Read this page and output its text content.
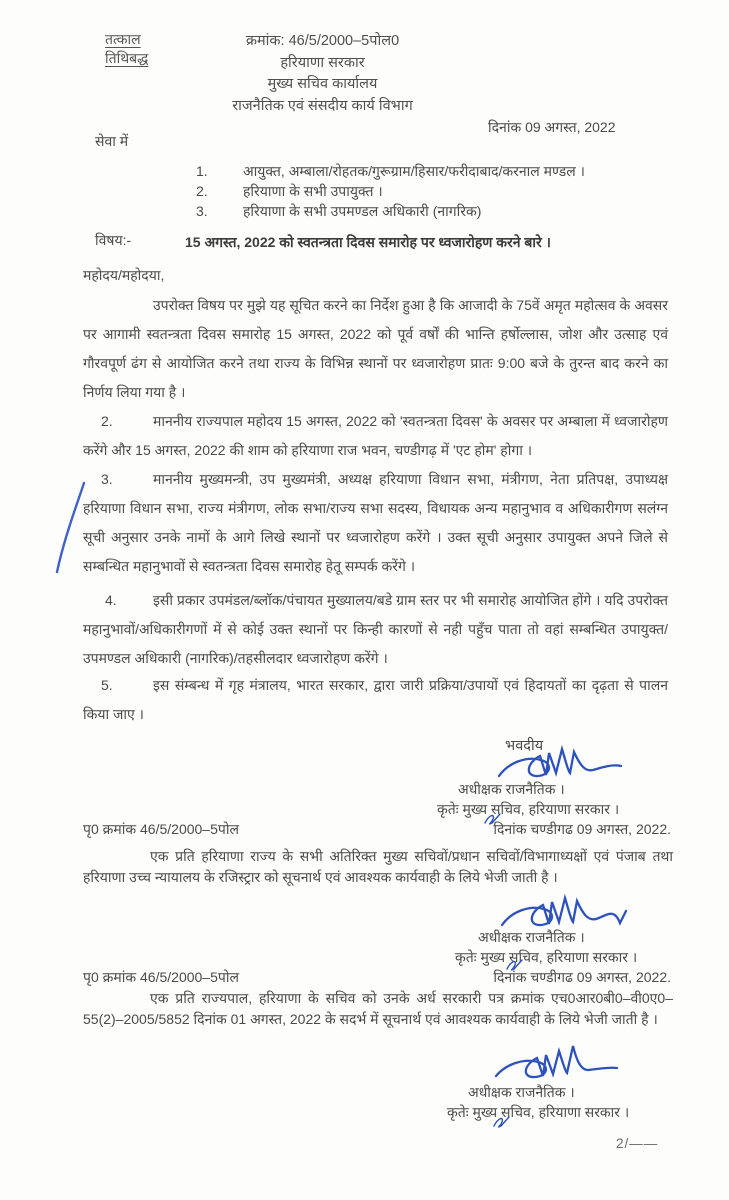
तत्काल
तिथिबद्ध
क्रमांक: 46/5/2000–5पोल0
हरियाणा सरकार
मुख्य सचिव कार्यालय
राजनैतिक एवं संसदीय कार्य विभाग
दिनांक 09 अगस्त, 2022
सेवा में
1.	आयुक्त, अम्बाला/रोहतक/गुरूग्राम/हिसार/फरीदाबाद/करनाल मण्डल ।
2.	हरियाणा के सभी उपायुक्त ।
3.	हरियाणा के सभी उपमण्डल अधिकारी (नागरिक)
विषय:-	15 अगस्त, 2022 को स्वतन्त्रता दिवस समारोह पर ध्वजारोहण करने बारे ।
महोदय/महोदया,
उपरोक्त विषय पर मुझे यह सूचित करने का निर्देश हुआ है कि आजादी के 75वें अमृत महोत्सव के अवसर पर आगामी स्वतन्त्रता दिवस समारोह 15 अगस्त, 2022 को पूर्व वर्षों की भान्ति हर्षोल्लास, जोश और उत्साह एवं गौरवपूर्ण ढंग से आयोजित करने तथा राज्य के विभिन्न स्थानों पर ध्वजारोहण प्रातः 9:00 बजे के तुरन्त बाद करने का निर्णय लिया गया है ।
2.	माननीय राज्यपाल महोदय 15 अगस्त, 2022 को 'स्वतन्त्रता दिवस' के अवसर पर अम्बाला में ध्वजारोहण करेंगे और 15 अगस्त, 2022 की शाम को हरियाणा राज भवन, चण्डीगढ़ में 'एट होम' होगा ।
3.	माननीय मुख्यमन्त्री, उप मुख्यमंत्री, अध्यक्ष हरियाणा विधान सभा, मंत्रीगण, नेता प्रतिपक्ष, उपाध्यक्ष हरियाणा विधान सभा, राज्य मंत्रीगण, लोक सभा/राज्य सभा सदस्य, विधायक अन्य महानुभाव व अधिकारीगण सलंग्न सूची अनुसार उनके नामों के आगे लिखे स्थानों पर ध्वजारोहण करेंगे । उक्त सूची अनुसार उपायुक्त अपने जिले से सम्बन्धित महानुभावों से स्वतन्त्रता दिवस समारोह हेतू सम्पर्क करेंगे ।
4.	इसी प्रकार उपमंडल/ब्लॉक/पंचायत मुख्यालय/बडे ग्राम स्तर पर भी समारोह आयोजित होंगे । यदि उपरोक्त महानुभावों/अधिकारीगणों में से कोई उक्त स्थानों पर किन्ही कारणों से नही पहुँच पाता तो वहां सम्बन्धित उपायुक्त/उपमण्डल अधिकारी (नागरिक)/तहसीलदार ध्वजारोहण करेंगे ।
5.	इस संम्बन्ध में गृह मंत्रालय, भारत सरकार, द्वारा जारी प्रक्रिया/उपायों एवं हिदायतों का दृढ़ता से पालन किया जाए ।
भवदीय
अधीक्षक राजनैतिक ।
कृतेः मुख्य सचिव, हरियाणा सरकार ।
पृ0 क्रमांक 46/5/2000–5पोल	दिनांक चण्डीगढ 09 अगस्त, 2022.
एक प्रति हरियाणा राज्य के सभी अतिरिक्त मुख्य सचिवों/प्रधान सचिवों/विभागाध्यक्षों एवं पंजाब तथा हरियाणा उच्च न्यायालय के रजिस्ट्रार को सूचनार्थ एवं आवश्यक कार्यवाही के लिये भेजी जाती है ।
अधीक्षक राजनैतिक ।
कृतेः मुख्य सचिव, हरियाणा सरकार ।
पृ0 क्रमांक 46/5/2000–5पोल	दिनांक चण्डीगढ 09 अगस्त, 2022.
एक प्रति राज्यपाल, हरियाणा के सचिव को उनके अर्ध सरकारी पत्र क्रमांक एच0आर0बी0–वी0ए0–55(2)–2005/5852 दिनांक 01 अगस्त, 2022 के सदर्भ में सूचनार्थ एवं आवश्यक कार्यवाही के लिये भेजी जाती है ।
अधीक्षक राजनैतिक ।
कृतेः मुख्य सचिव, हरियाणा सरकार ।
2/——
